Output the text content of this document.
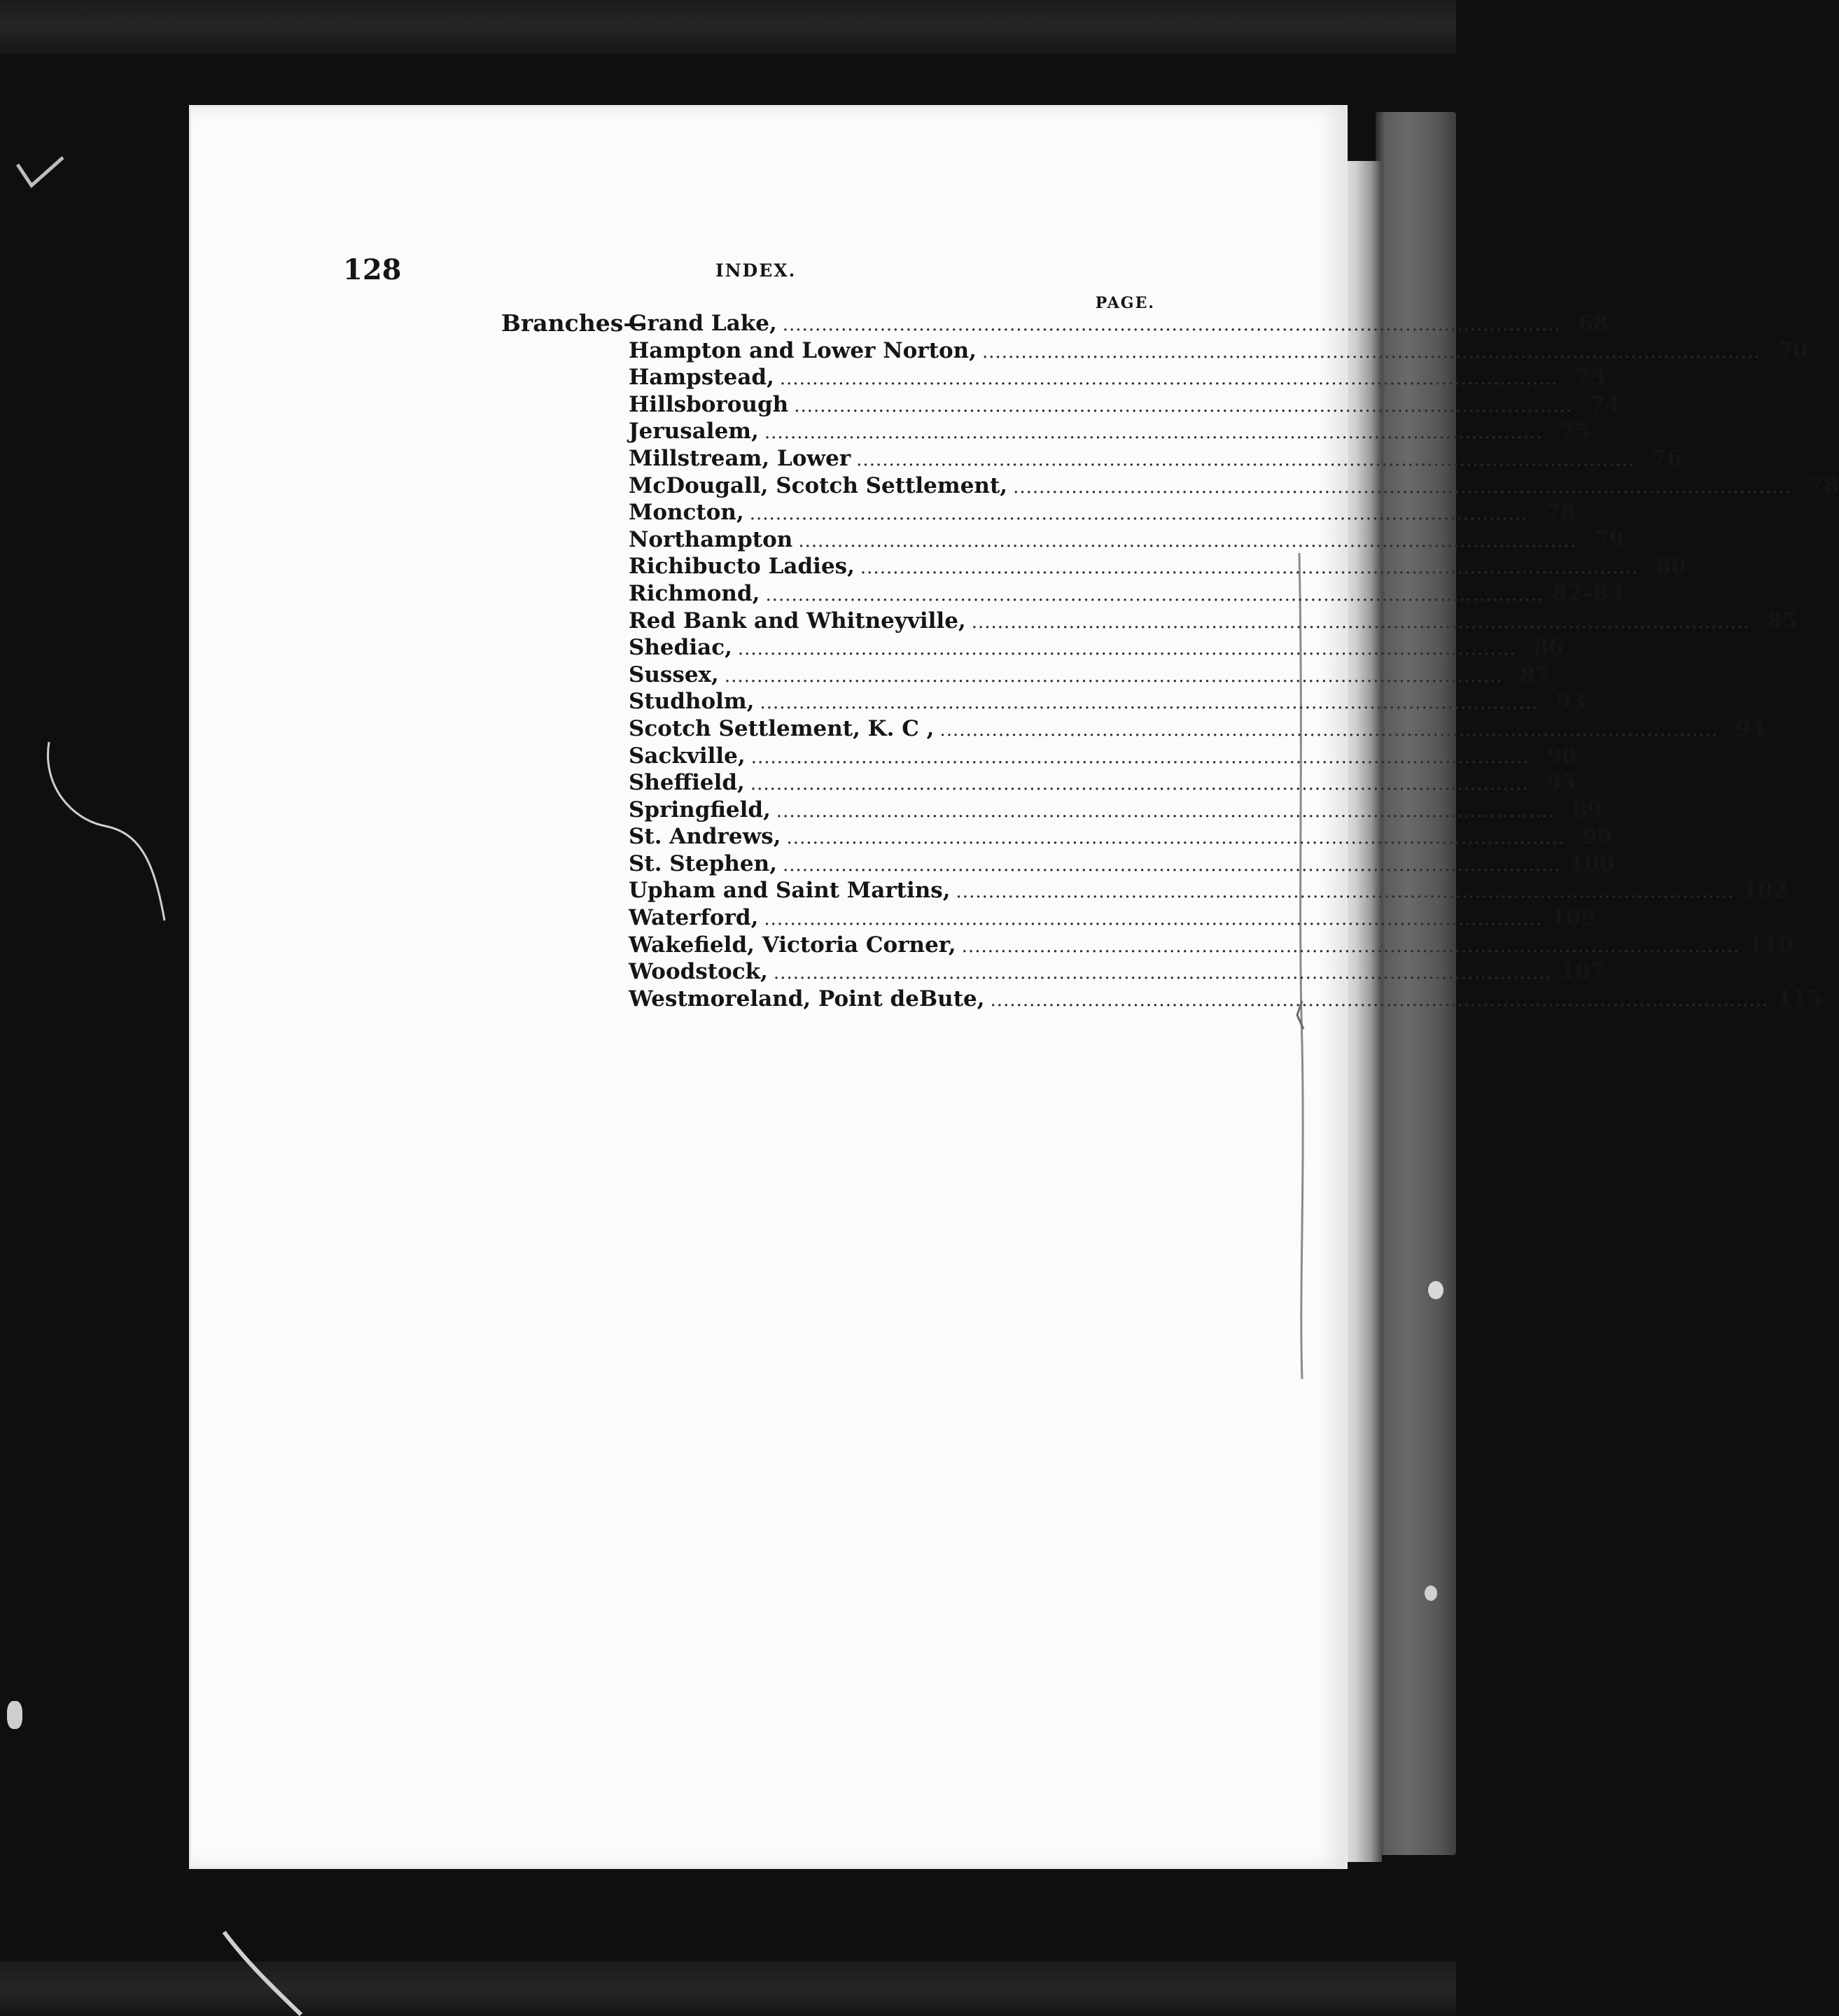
128	INDEX.
PAGE.
Branches—
Grand Lake, ........................................................................................................................ 68
Hampton and Lower Norton, ........................................................................................................................ 70
Hampstead, ........................................................................................................................ 73
Hillsborough ........................................................................................................................ 74
Jerusalem, ........................................................................................................................ 75
Millstream, Lower ........................................................................................................................ 76
McDougall, Scotch Settlement, ........................................................................................................................ 78
Moncton, ........................................................................................................................ 78
Northampton ........................................................................................................................ 79
Richibucto Ladies, ........................................................................................................................ 80
Richmond, ........................................................................................................................ 82–83
Red Bank and Whitneyville, ........................................................................................................................ 85
Shediac, ........................................................................................................................ 86
Sussex, ........................................................................................................................ 87
Studholm, ........................................................................................................................ 93
Scotch Settlement, K. C , ........................................................................................................................ 94
Sackville, ........................................................................................................................ 90
Sheffield, ........................................................................................................................ 95
Springfield, ........................................................................................................................ 89
St. Andrews, ........................................................................................................................ 99
St. Stephen, ........................................................................................................................ 100
Upham and Saint Martins, ........................................................................................................................ 102
Waterford, ........................................................................................................................ 109
Wakefield, Victoria Corner, ........................................................................................................................ 110
Woodstock, ........................................................................................................................ 107
Westmoreland, Point deBute, ........................................................................................................................ 115
